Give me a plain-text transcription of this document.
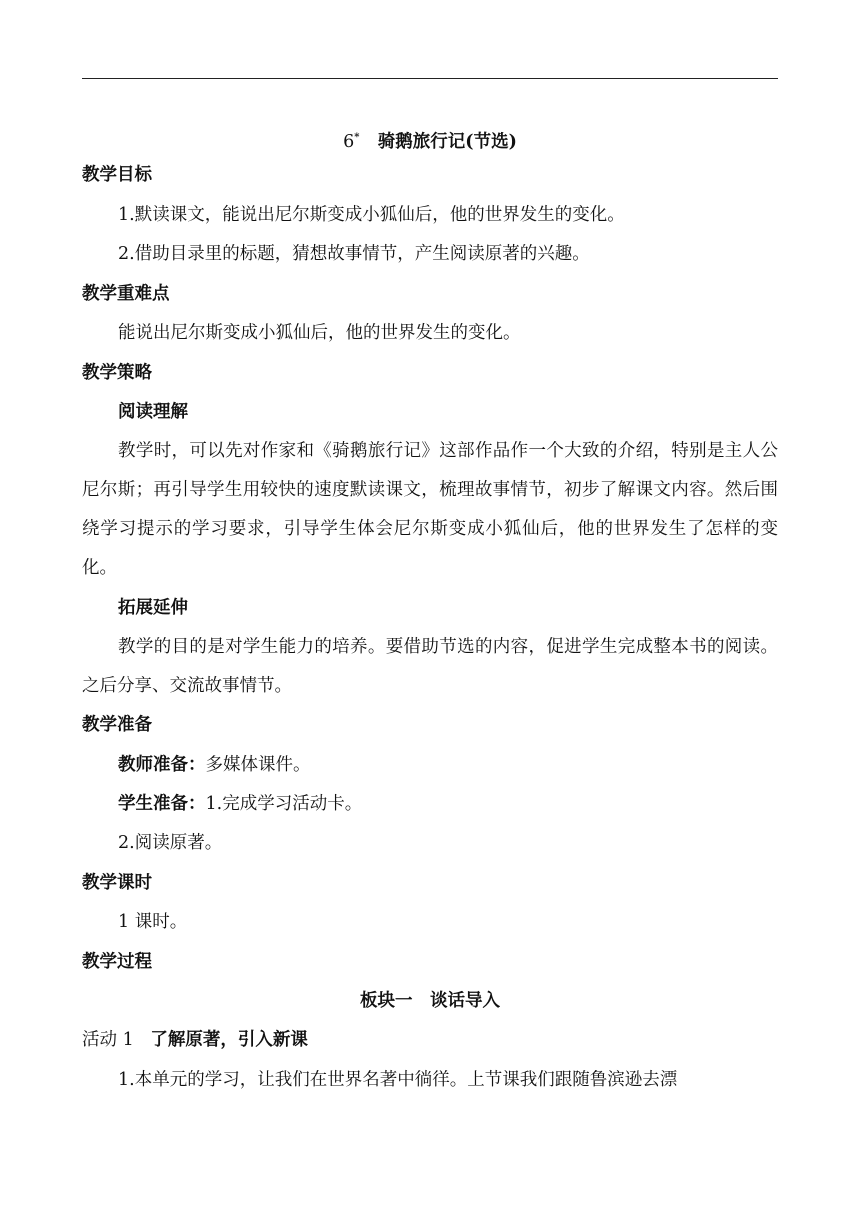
6* 骑鹅旅行记(节选)
教学目标
1.默读课文，能说出尼尔斯变成小狐仙后，他的世界发生的变化。
2.借助目录里的标题，猜想故事情节，产生阅读原著的兴趣。
教学重难点
能说出尼尔斯变成小狐仙后，他的世界发生的变化。
教学策略
阅读理解

教学时，可以先对作家和《骑鹅旅行记》这部作品作一个大致的介绍，特别是主人公尼尔斯；再引导学生用较快的速度默读课文，梳理故事情节，初步了解课文内容。然后围绕学习提示的学习要求，引导学生体会尼尔斯变成小狐仙后，他的世界发生了怎样的变化。

拓展延伸

教学的目的是对学生能力的培养。要借助节选的内容，促进学生完成整本书的阅读。之后分享、交流故事情节。

教学准备
教师准备：多媒体课件。
学生准备：1.完成学习活动卡。
2.阅读原著。
教学课时
1 课时。
教学过程
板块一　谈话导入
活动 1 了解原著，引入新课
1.本单元的学习，让我们在世界名著中徜徉。上节课我们跟随鲁滨逊去漂
